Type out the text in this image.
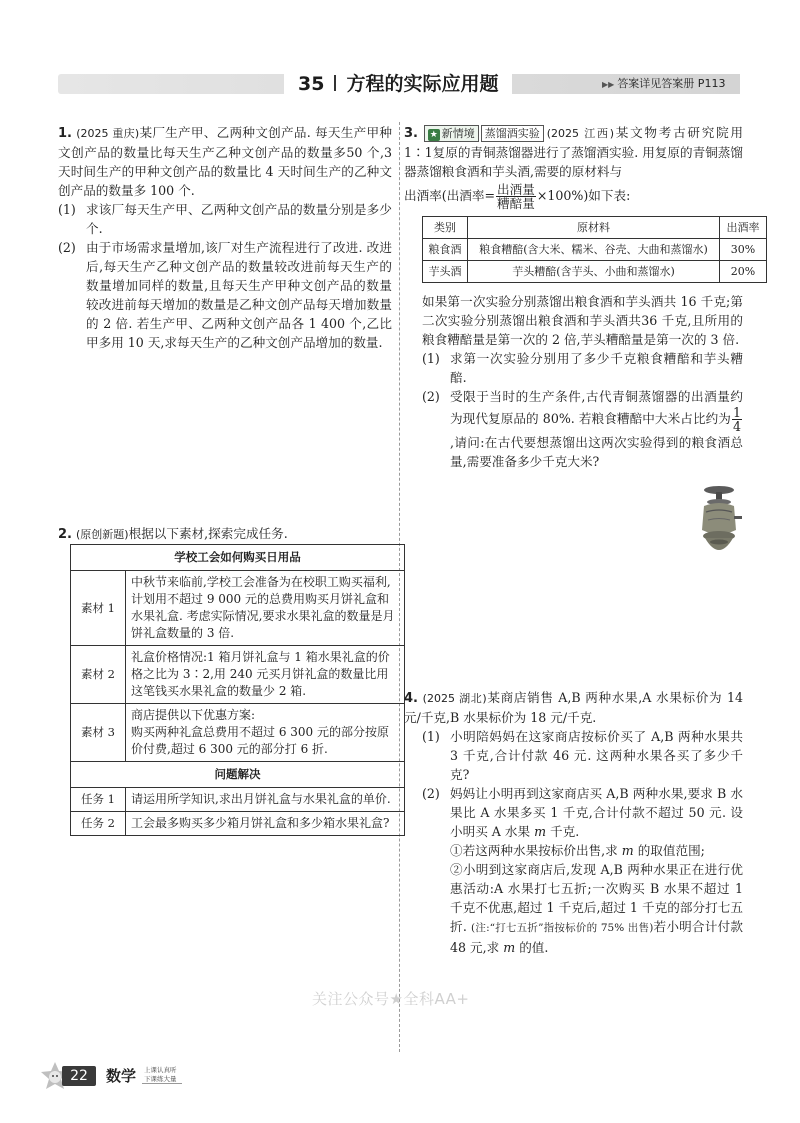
35 方程的实际应用题	▶▶ 答案详见答案册 P113

1. (2025 重庆)某厂生产甲、乙两种文创产品. 每天生产甲种文创产品的数量比每天生产乙种文创产品的数量多50 个,3 天时间生产的甲种文创产品的数量比 4 天时间生产的乙种文创产品的数量多 100 个.

(1) 求该厂每天生产甲、乙两种文创产品的数量分别是多少个.

(2) 由于市场需求量增加,该厂对生产流程进行了改进. 改进后,每天生产乙种文创产品的数量较改进前每天生产的数量增加同样的数量,且每天生产甲种文创产品的数量较改进前每天增加的数量是乙种文创产品每天增加数量的 2 倍. 若生产甲、乙两种文创产品各 1 400 个,乙比甲多用 10 天,求每天生产的乙种文创产品增加的数量.

2. (原创新题)根据以下素材,探索完成任务.

学校工会如何购买日用品	
素材 1	中秋节来临前,学校工会准备为在校职工购买福利,计划用不超过 9 000 元的总费用购买月饼礼盒和水果礼盒. 考虑实际情况,要求水果礼盒的数量是月饼礼盒数量的 3 倍.
素材 2	礼盒价格情况:1 箱月饼礼盒与 1 箱水果礼盒的价格之比为 3∶2,用 240 元买月饼礼盒的数量比用这笔钱买水果礼盒的数量少 2 箱.
素材 3	商店提供以下优惠方案:
购买两种礼盒总费用不超过 6 300 元的部分按原价付费,超过 6 300 元的部分打 6 折.
问题解决	
任务 1	请运用所学知识,求出月饼礼盒与水果礼盒的单价.
任务 2	工会最多购买多少箱月饼礼盒和多少箱水果礼盒?

3. ★ 新情境 蒸馏酒实验 (2025 江西)某文物考古研究院用 1∶1复原的青铜蒸馏器进行了蒸馏酒实验. 用复原的青铜蒸馏器蒸馏粮食酒和芋头酒,需要的原材料与

出酒率(出酒率= $\frac{\text{出酒量}}{\text{糟醅量}} \times 100\%$)如下表:

类别	原材料	出酒率
粮食酒	粮食糟醅(含大米、糯米、谷壳、大曲和蒸馏水)	30%
芋头酒	芋头糟醅(含芋头、小曲和蒸馏水)	20%

如果第一次实验分别蒸馏出粮食酒和芋头酒共 16 千克;第二次实验分别蒸馏出粮食酒和芋头酒共36 千克,且所用的粮食糟醅量是第一次的 2 倍,芋头糟醅量是第一次的 3 倍.

(1) 求第一次实验分别用了多少千克粮食糟醅和芋头糟醅.

(2) 受限于当时的生产条件,古代青铜蒸馏器的出酒量约为现代复原品的 80%. 若粮食糟醅中大米占比约为 $\frac{1}{4}$
,请问:在古代要想蒸馏出这两次实验得到的粮食酒总量,需要准备多少千克大米?

4. (2025 湖北)某商店销售 A,B 两种水果,A 水果标价为 14 元/千克,B 水果标价为 18 元/千克.

(1) 小明陪妈妈在这家商店按标价买了 A,B 两种水果共 3 千克,合计付款 46 元. 这两种水果各买了多少千克?

(2) 妈妈让小明再到这家商店买 A,B 两种水果,要求 B 水果比 A 水果多买 1 千克,合计付款不超过 50 元. 设小明买 A 水果 m 千克.

①若这两种水果按标价出售,求 m 的取值范围;

②小明到这家商店后,发现 A,B 两种水果正在进行优惠活动:A 水果打七五折;一次购买 B 水果不超过 1 千克不优惠,超过 1 千克后,超过 1 千克的部分打七五折. (注:“打七五折”指按标价的 75% 出售)若小明合计付款 48 元,求 m 的值.

关注公众号★全科AA+
22	数学 上课认真听
下课练大量
